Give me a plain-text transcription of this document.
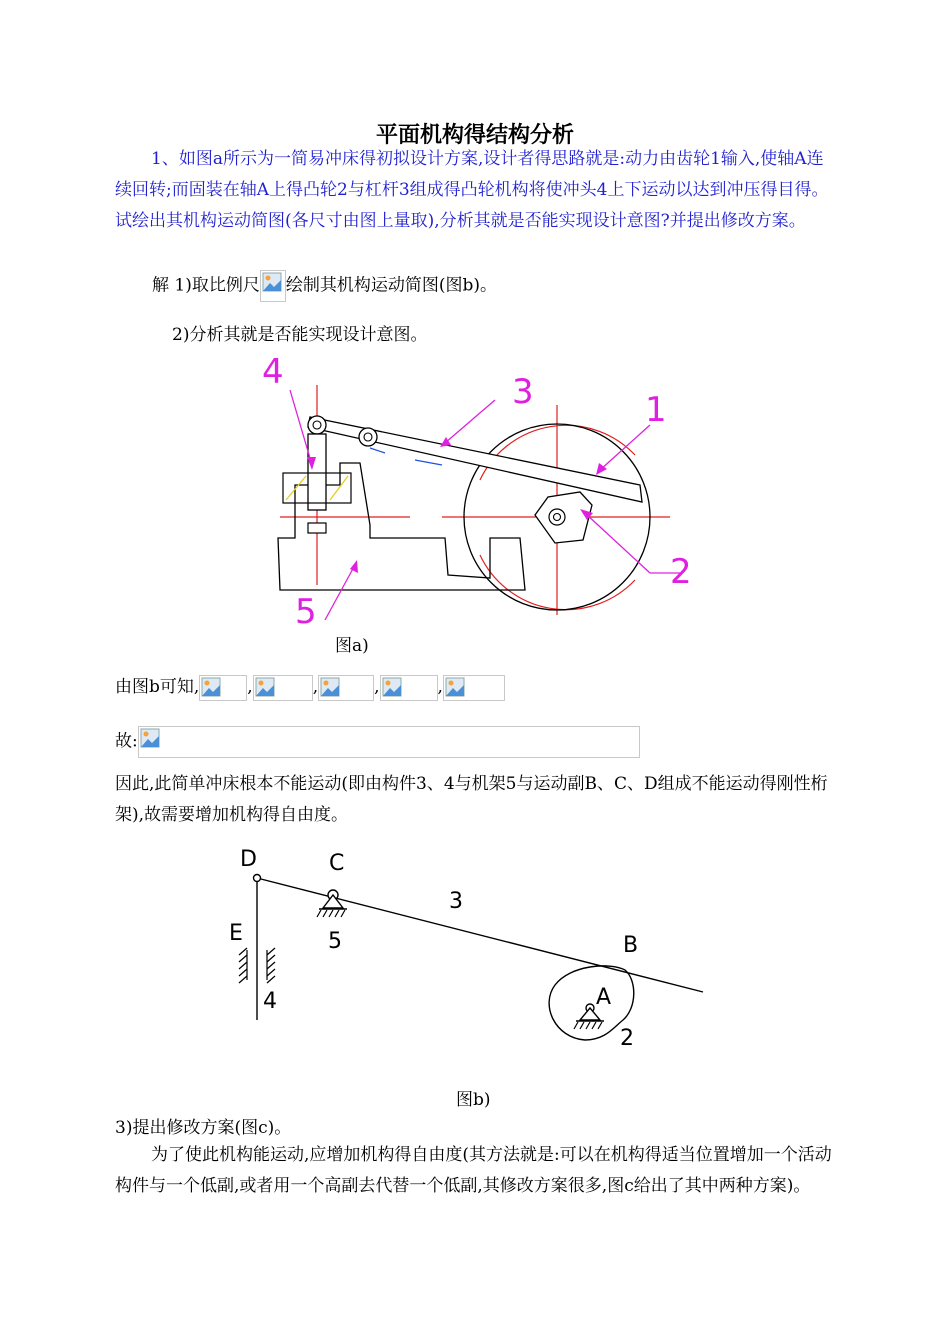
平面机构得结构分析
1、如图a所示为一简易冲床得初拟设计方案,设计者得思路就是:动力由齿轮1输入,使轴A连续回转;而固装在轴A上得凸轮2与杠杆3组成得凸轮机构将使冲头4上下运动以达到冲压得目得。试绘出其机构运动简图(各尺寸由图上量取),分析其就是否能实现设计意图?并提出修改方案。
解 1)取比例尺 绘制其机构运动简图(图b)。
2)分析其就是否能实现设计意图。
4	3	1
2
5
图a)
由图b可知,	,	,	,	,
故:
因此,此简单冲床根本不能运动(即由构件3、4与机架5与运动副B、C、D组成不能运动得刚性桁架),故需要增加机构得自由度。
D	C
3
E	5	B
A
4
2
图b)
3)提出修改方案(图c)。
为了使此机构能运动,应增加机构得自由度(其方法就是:可以在机构得适当位置增加一个活动构件与一个低副,或者用一个高副去代替一个低副,其修改方案很多,图c给出了其中两种方案)。
